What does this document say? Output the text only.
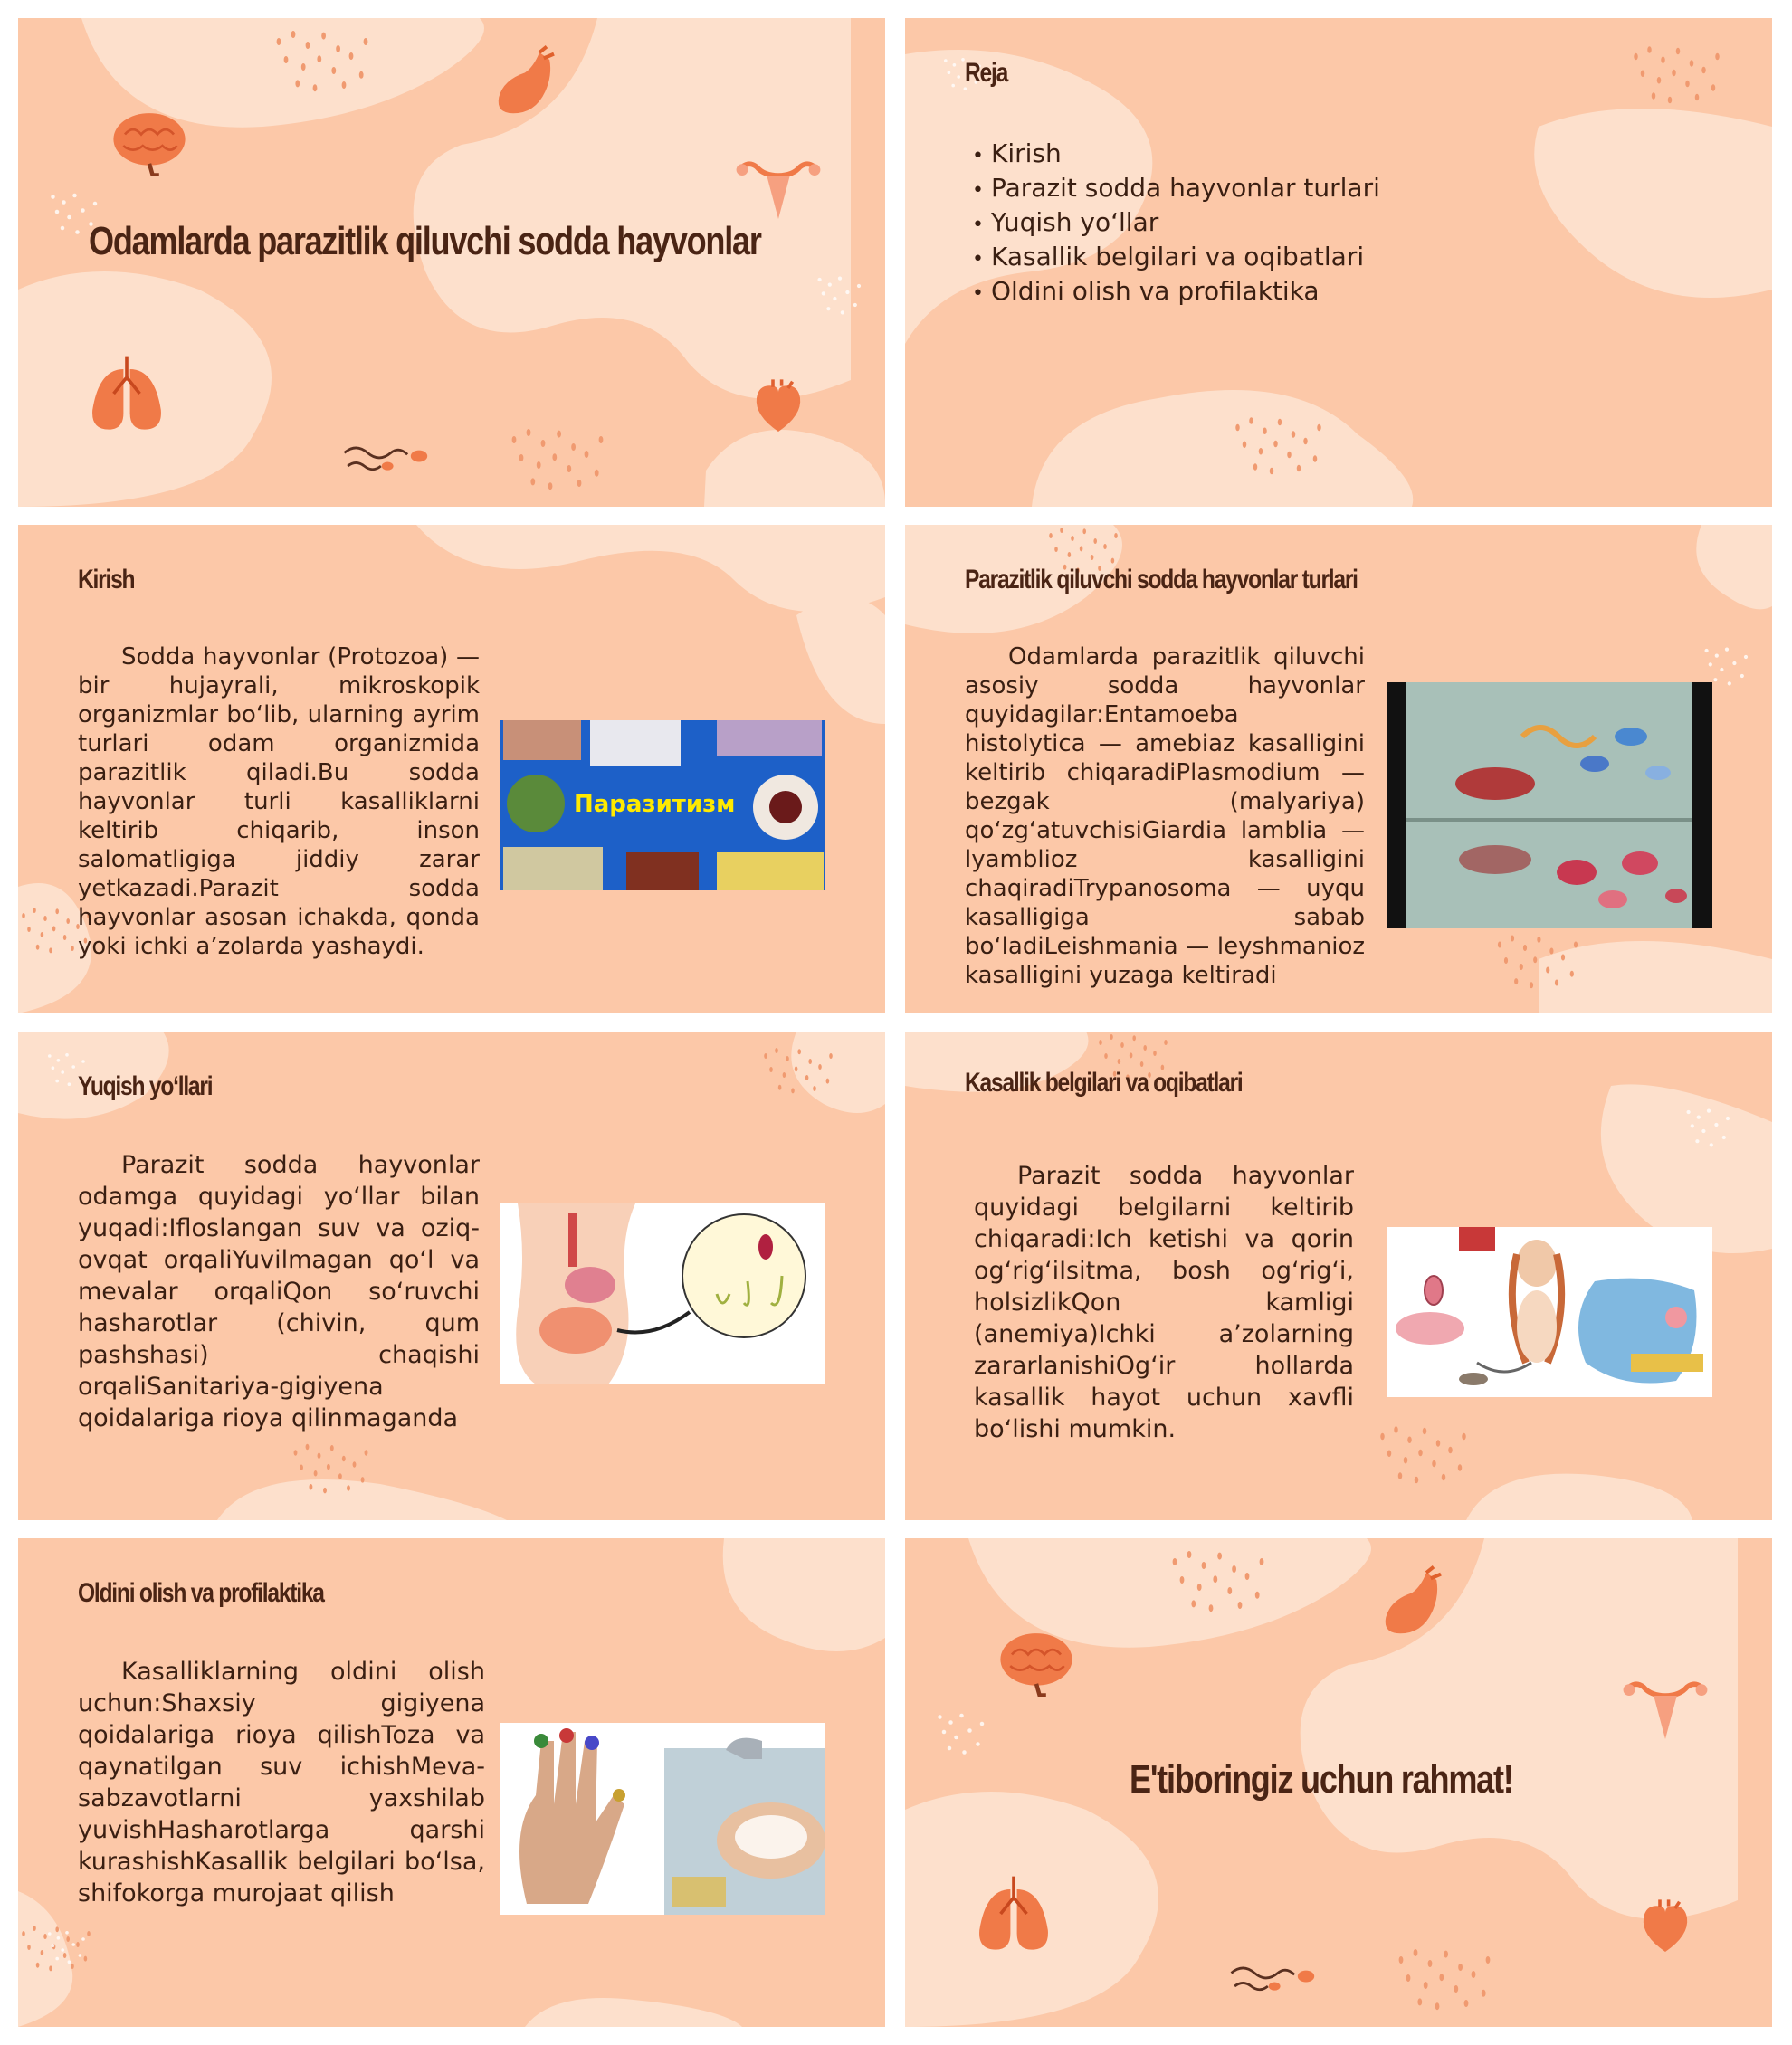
Odamlarda parazitlik qiluvchi sodda hayvonlar
Reja
• Kirish
• Parazit sodda hayvonlar turlari
• Yuqish yo‘llar
• Kasallik belgilari va oqibatlari
• Oldini olish va profilaktika
Kirish
Sodda hayvonlar (Protozoa) — bir hujayrali, mikroskopik organizmlar bo‘lib, ularning ayrim turlari odam organizmida parazitlik qiladi.Bu sodda hayvonlar turli kasalliklarni keltirib chiqarib, inson salomatligiga jiddiy zarar yetkazadi.Parazit sodda hayvonlar asosan ichakda, qonda yoki ichki a’zolarda yashaydi.
Паразитизм
Parazitlik qiluvchi sodda hayvonlar turlari
Odamlarda parazitlik qiluvchi asosiy sodda hayvonlar quyidagilar:Entamoeba histolytica — amebiaz kasalligini keltirib chiqaradiPlasmodium — bezgak (malyariya) qo‘zg‘atuvchisiGiardia lamblia — lyamblioz kasalligini chaqiradiTrypanosoma — uyqu kasalligiga sabab bo‘ladiLeishmania — leyshmanioz kasalligini yuzaga keltiradi
Yuqish yo‘llari
Parazit sodda hayvonlar odamga quyidagi yo‘llar bilan yuqadi:Ifloslangan suv va oziq-ovqat orqaliYuvilmagan qo‘l va mevalar orqaliQon so‘ruvchi hasharotlar (chivin, qum pashshasi) chaqishi orqaliSanitariya-gigiyena qoidalariga rioya qilinmaganda
Kasallik belgilari va oqibatlari
Parazit sodda hayvonlar quyidagi belgilarni keltirib chiqaradi:Ich ketishi va qorin og‘rig‘iIsitma, bosh og‘rig‘i, holsizlikQon kamligi (anemiya)Ichki a’zolarning zararlanishiOg‘ir hollarda kasallik hayot uchun xavfli bo‘lishi mumkin.
Oldini olish va profilaktika
Kasalliklarning oldini olish uchun:Shaxsiy gigiyena qoidalariga rioya qilishToza va qaynatilgan suv ichishMeva-sabzavotlarni yaxshilab yuvishHasharotlarga qarshi kurashishKasallik belgilari bo‘lsa, shifokorga murojaat qilish
E'tiboringiz uchun rahmat!
